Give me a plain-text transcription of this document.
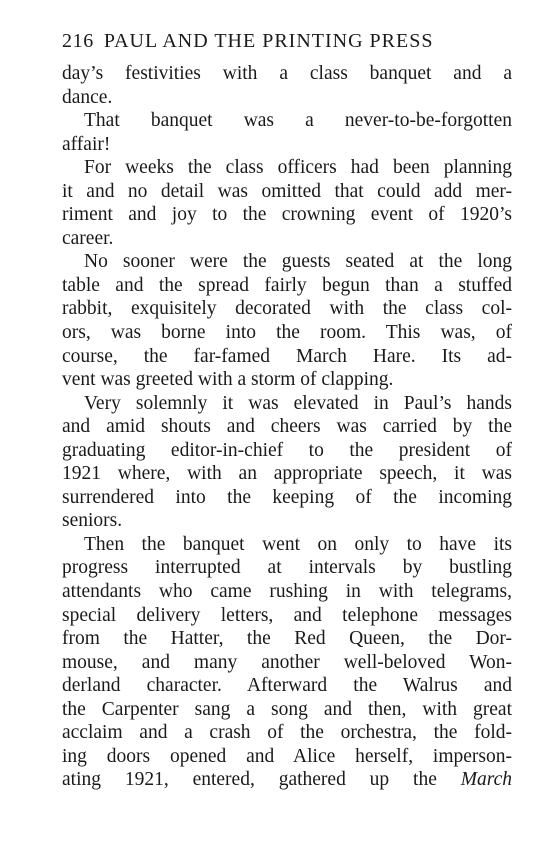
216 PAUL AND THE PRINTING PRESS
day’s festivities with a class banquet and a
dance.
That banquet was a never-to-be-forgotten
affair!
For weeks the class officers had been planning
it and no detail was omitted that could add mer-
riment and joy to the crowning event of 1920’s
career.
No sooner were the guests seated at the long
table and the spread fairly begun than a stuffed
rabbit, exquisitely decorated with the class col-
ors, was borne into the room. This was, of
course, the far-famed March Hare. Its ad-
vent was greeted with a storm of clapping.
Very solemnly it was elevated in Paul’s hands
and amid shouts and cheers was carried by the
graduating editor-in-chief to the president of
1921 where, with an appropriate speech, it was
surrendered into the keeping of the incoming
seniors.
Then the banquet went on only to have its
progress interrupted at intervals by bustling
attendants who came rushing in with telegrams,
special delivery letters, and telephone messages
from the Hatter, the Red Queen, the Dor-
mouse, and many another well-beloved Won-
derland character. Afterward the Walrus and
the Carpenter sang a song and then, with great
acclaim and a crash of the orchestra, the fold-
ing doors opened and Alice herself, imperson-
ating 1921, entered, gathered up the March
